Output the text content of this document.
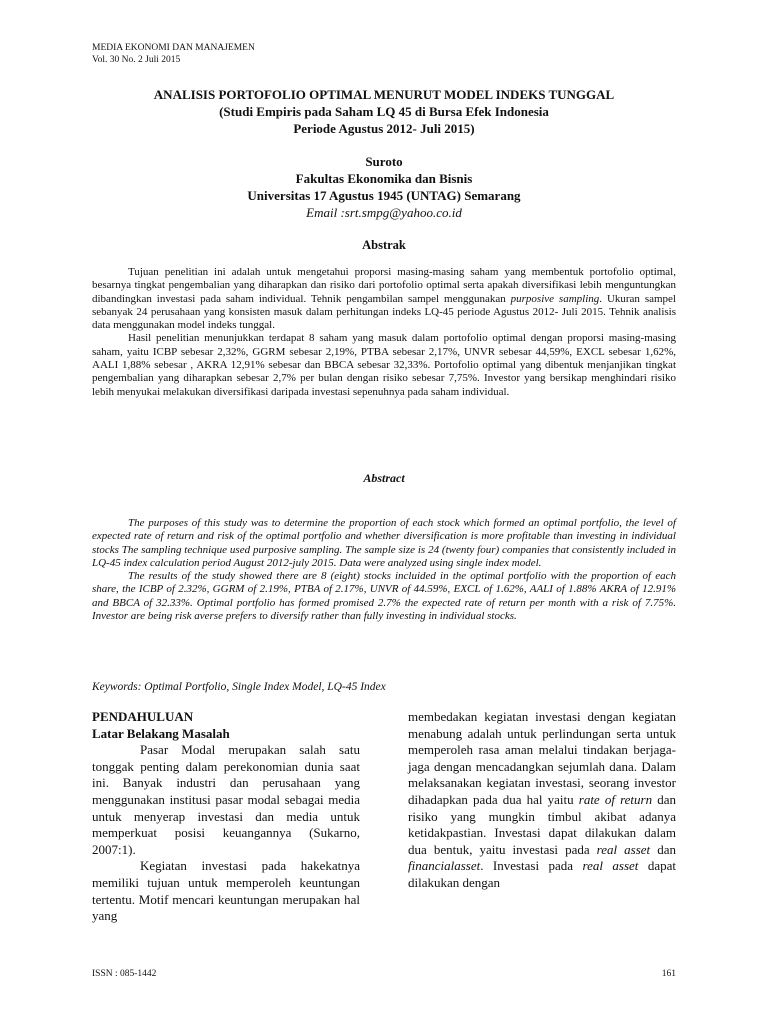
MEDIA EKONOMI DAN MANAJEMEN
Vol. 30 No. 2 Juli 2015
ANALISIS PORTOFOLIO OPTIMAL MENURUT MODEL INDEKS TUNGGAL
(Studi Empiris pada Saham LQ 45 di Bursa Efek Indonesia
Periode Agustus 2012- Juli 2015)
Suroto
Fakultas Ekonomika dan Bisnis
Universitas 17 Agustus 1945 (UNTAG) Semarang
Email :srt.smpg@yahoo.co.id
Abstrak

Tujuan penelitian ini adalah untuk mengetahui proporsi masing-masing saham yang membentuk portofolio optimal, besarnya tingkat pengembalian yang diharapkan dan risiko dari portofolio optimal serta apakah diversifikasi lebih menguntungkan dibandingkan investasi pada saham individual. Tehnik pengambilan sampel menggunakan purposive sampling. Ukuran sampel sebanyak 24 perusahaan yang konsisten masuk dalam perhitungan indeks LQ-45 periode Agustus 2012- Juli 2015. Tehnik analisis data menggunakan model indeks tunggal.

Hasil penelitian menunjukkan terdapat 8 saham yang masuk dalam portofolio optimal dengan proporsi masing-masing saham, yaitu ICBP sebesar 2,32%, GGRM sebesar 2,19%, PTBA sebesar 2,17%, UNVR sebesar 44,59%, EXCL sebesar 1,62%, AALI 1,88% sebesar , AKRA 12,91% sebesar dan BBCA sebesar 32,33%. Portofolio optimal yang dibentuk menjanjikan tingkat pengembalian yang diharapkan sebesar 2,7% per bulan dengan risiko sebesar 7,75%. Investor yang bersikap menghindari risiko lebih menyukai melakukan diversifikasi daripada investasi sepenuhnya pada saham individual.

Abstract

The purposes of this study was to determine the proportion of each stock which formed an optimal portfolio, the level of expected rate of return and risk of the optimal portfolio and whether diversification is more profitable than investing in individual stocks The sampling technique used purposive sampling. The sample size is 24 (twenty four) companies that consistently included in LQ-45 index calculation period August 2012-july 2015. Data were analyzed using single index model.

The results of the study showed there are 8 (eight) stocks incluided in the optimal portfolio with the proportion of each share, the ICBP of 2.32%, GGRM of 2.19%, PTBA of 2.17%, UNVR of 44.59%, EXCL of 1.62%, AALI of 1.88% AKRA of 12.91% and BBCA of 32.33%. Optimal portfolio has formed promised 2.7% the expected rate of return per month with a risk of 7.75%. Investor are being risk averse prefers to diversify rather than fully investing in individual stocks.

Keywords: Optimal Portfolio, Single Index Model, LQ-45 Index
PENDAHULUAN
Latar Belakang Masalah

Pasar Modal merupakan salah satu tonggak penting dalam perekonomian dunia saat ini. Banyak industri dan perusahaan yang menggunakan institusi pasar modal sebagai media untuk menyerap investasi dan media untuk memperkuat posisi keuangannya (Sukarno, 2007:1).

Kegiatan investasi pada hakekatnya memiliki tujuan untuk memperoleh keuntungan tertentu. Motif mencari keuntungan merupakan hal yang

membedakan kegiatan investasi dengan kegiatan menabung adalah untuk perlindungan serta untuk memperoleh rasa aman melalui tindakan berjaga-jaga dengan mencadangkan sejumlah dana. Dalam melaksanakan kegiatan investasi, seorang investor dihadapkan pada dua hal yaitu rate of return dan risiko yang mungkin timbul akibat adanya ketidakpastian. Investasi dapat dilakukan dalam dua bentuk, yaitu investasi pada real asset dan financialasset. Investasi pada real asset dapat dilakukan dengan

ISSN : 085-1442	161
